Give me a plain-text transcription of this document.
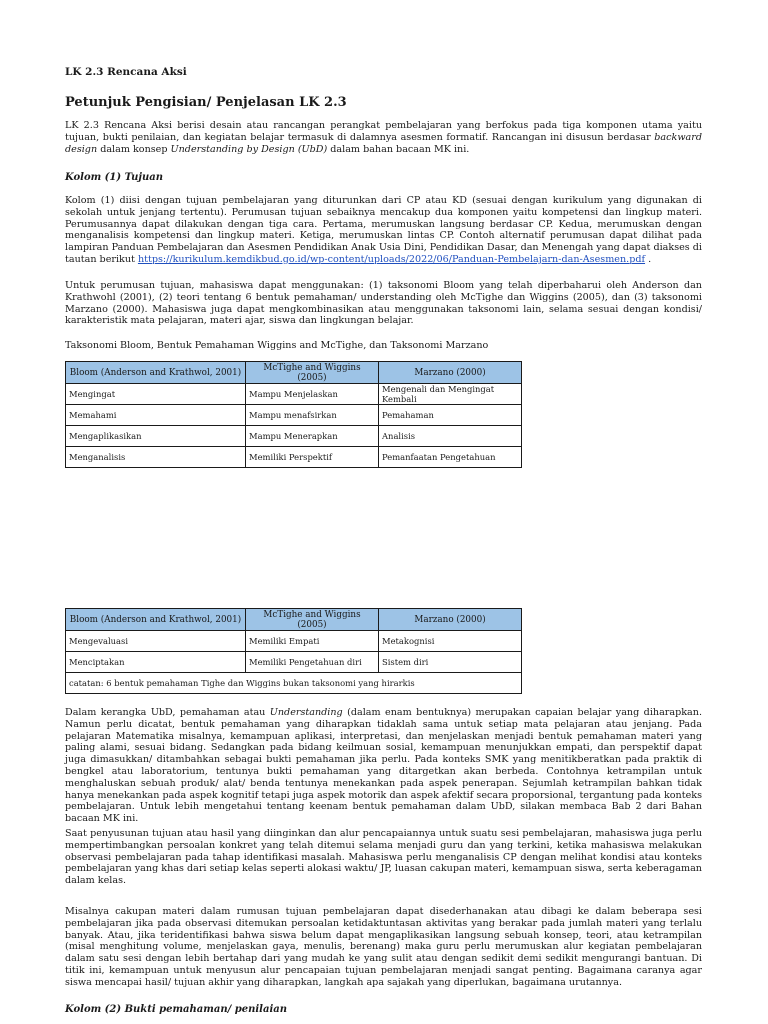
LK 2.3 Rencana Aksi
Petunjuk Pengisian/ Penjelasan LK 2.3

LK 2.3 Rencana Aksi berisi desain atau rancangan perangkat pembelajaran yang berfokus pada tiga komponen utama yaitu tujuan, bukti penilaian, dan kegiatan belajar termasuk di dalamnya asesmen formatif. Rancangan ini disusun berdasar backward design dalam konsep Understanding by Design (UbD) dalam bahan bacaan MK ini.

Kolom (1) Tujuan

Kolom (1) diisi dengan tujuan pembelajaran yang diturunkan dari CP atau KD (sesuai dengan kurikulum yang digunakan di sekolah untuk jenjang tertentu). Perumusan tujuan sebaiknya mencakup dua komponen yaitu kompetensi dan lingkup materi. Perumusannya dapat dilakukan dengan tiga cara. Pertama, merumuskan langsung berdasar CP. Kedua, merumuskan dengan menganalisis kompetensi dan lingkup materi. Ketiga, merumuskan lintas CP. Contoh alternatif perumusan dapat dilihat pada lampiran Panduan Pembelajaran dan Asesmen Pendidikan Anak Usia Dini, Pendidikan Dasar, dan Menengah yang dapat diakses di tautan berikut https://kurikulum.kemdikbud.go.id/wp-content/uploads/2022/06/Panduan-Pembelajarn-dan-Asesmen.pdf .

Untuk perumusan tujuan, mahasiswa dapat menggunakan: (1) taksonomi Bloom yang telah diperbaharui oleh Anderson dan Krathwohl (2001), (2) teori tentang 6 bentuk pemahaman/ understanding oleh McTighe dan Wiggins (2005), dan (3) taksonomi Marzano (2000). Mahasiswa juga dapat mengkombinasikan atau menggunakan taksonomi lain, selama sesuai dengan kondisi/ karakteristik mata pelajaran, materi ajar, siswa dan lingkungan belajar.

Taksonomi Bloom, Bentuk Pemahaman Wiggins and McTighe, dan Taksonomi Marzano
Bloom (Anderson and Krathwol, 2001)	McTighe and Wiggins (2005)	Marzano (2000)
Mengingat	Mampu Menjelaskan	Mengenali dan Mengingat Kembali
Memahami	Mampu menafsirkan	Pemahaman
Mengaplikasikan	Mampu Menerapkan	Analisis
Menganalisis	Memiliki Perspektif	Pemanfaatan Pengetahuan
Bloom (Anderson and Krathwol, 2001)	McTighe and Wiggins (2005)	Marzano (2000)
Mengevaluasi	Memiliki Empati	Metakognisi
Menciptakan	Memiliki Pengetahuan diri	Sistem diri
catatan: 6 bentuk pemahaman Tighe dan Wiggins bukan taksonomi yang hirarkis		

Dalam kerangka UbD, pemahaman atau Understanding (dalam enam bentuknya) merupakan capaian belajar yang diharapkan. Namun perlu dicatat, bentuk pemahaman yang diharapkan tidaklah sama untuk setiap mata pelajaran atau jenjang. Pada pelajaran Matematika misalnya, kemampuan aplikasi, interpretasi, dan menjelaskan menjadi bentuk pemahaman materi yang paling alami, sesuai bidang. Sedangkan pada bidang keilmuan sosial, kemampuan menunjukkan empati, dan perspektif dapat juga dimasukkan/ ditambahkan sebagai bukti pemahaman jika perlu. Pada konteks SMK yang menitikberatkan pada praktik di bengkel atau laboratorium, tentunya bukti pemahaman yang ditargetkan akan berbeda. Contohnya ketrampilan untuk menghaluskan sebuah produk/ alat/ benda tentunya menekankan pada aspek penerapan. Sejumlah ketrampilan bahkan tidak hanya menekankan pada aspek kognitif tetapi juga aspek motorik dan aspek afektif secara proporsional, tergantung pada konteks pembelajaran. Untuk lebih mengetahui tentang keenam bentuk pemahaman dalam UbD, silakan membaca Bab 2 dari Bahan bacaan MK ini.

Saat penyusunan tujuan atau hasil yang diinginkan dan alur pencapaiannya untuk suatu sesi pembelajaran, mahasiswa juga perlu mempertimbangkan persoalan konkret yang telah ditemui selama menjadi guru dan yang terkini, ketika mahasiswa melakukan observasi pembelajaran pada tahap identifikasi masalah. Mahasiswa perlu menganalisis CP dengan melihat kondisi atau konteks pembelajaran yang khas dari setiap kelas seperti alokasi waktu/ JP, luasan cakupan materi, kemampuan siswa, serta keberagaman dalam kelas.

Misalnya cakupan materi dalam rumusan tujuan pembelajaran dapat disederhanakan atau dibagi ke dalam beberapa sesi pembelajaran jika pada observasi ditemukan persoalan ketidaktuntasan aktivitas yang berakar pada jumlah materi yang terlalu banyak. Atau, jika teridentifikasi bahwa siswa belum dapat mengaplikasikan langsung sebuah konsep, teori, atau ketrampilan (misal menghitung volume, menjelaskan gaya, menulis, berenang) maka guru perlu merumuskan alur kegiatan pembelajaran dalam satu sesi dengan lebih bertahap dari yang mudah ke yang sulit atau dengan sedikit demi sedikit mengurangi bantuan. Di titik ini, kemampuan untuk menyusun alur pencapaian tujuan pembelajaran menjadi sangat penting. Bagaimana caranya agar siswa mencapai hasil/ tujuan akhir yang diharapkan, langkah apa sajakah yang diperlukan, bagaimana urutannya.

Kolom (2) Bukti pemahaman/ penilaian
